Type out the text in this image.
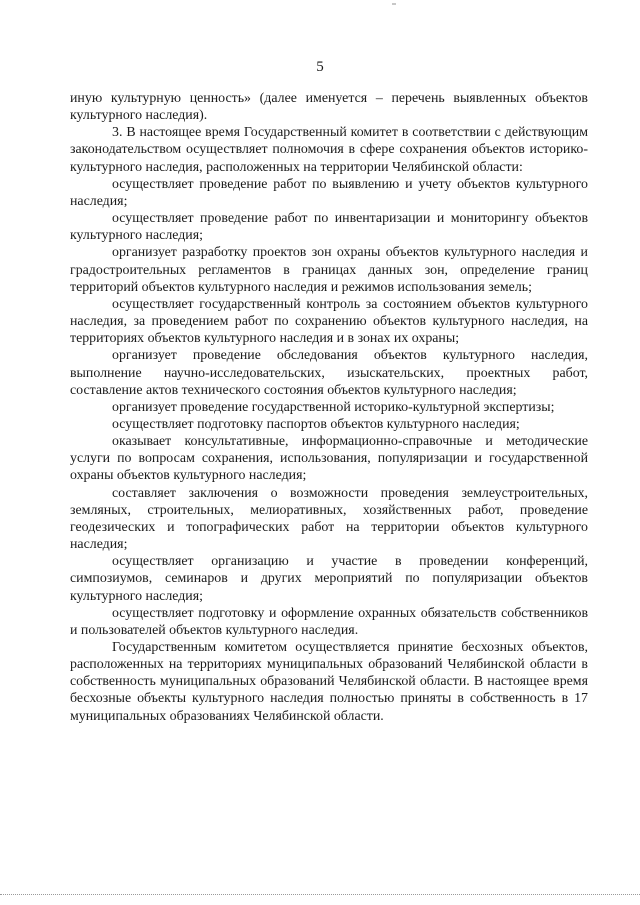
5

иную культурную ценность» (далее именуется – перечень выявленных объектов культурного наследия).

3. В настоящее время Государственный комитет в соответствии с действующим законодательством осуществляет полномочия в сфере сохранения объектов историко-культурного наследия, расположенных на территории Челябинской области:

осуществляет проведение работ по выявлению и учету объектов культурного наследия;

осуществляет проведение работ по инвентаризации и мониторингу объектов культурного наследия;

организует разработку проектов зон охраны объектов культурного наследия и градостроительных регламентов в границах данных зон, определение границ территорий объектов культурного наследия и режимов использования земель;

осуществляет государственный контроль за состоянием объектов культурного наследия, за проведением работ по сохранению объектов культурного наследия, на территориях объектов культурного наследия и в зонах их охраны;

организует проведение обследования объектов культурного наследия, выполнение научно-исследовательских, изыскательских, проектных работ, составление актов технического состояния объектов культурного наследия;

организует проведение государственной историко-культурной экспертизы;

осуществляет подготовку паспортов объектов культурного наследия;

оказывает консультативные, информационно-справочные и методические услуги по вопросам сохранения, использования, популяризации и государственной охраны объектов культурного наследия;

составляет заключения о возможности проведения землеустроительных, земляных, строительных, мелиоративных, хозяйственных работ, проведение геодезических и топографических работ на территории объектов культурного наследия;

осуществляет организацию и участие в проведении конференций, симпозиумов, семинаров и других мероприятий по популяризации объектов культурного наследия;

осуществляет подготовку и оформление охранных обязательств собственников и пользователей объектов культурного наследия.

Государственным комитетом осуществляется принятие бесхозных объектов, расположенных на территориях муниципальных образований Челябинской области в собственность муниципальных образований Челябинской области. В настоящее время бесхозные объекты культурного наследия полностью приняты в собственность в 17 муниципальных образованиях Челябинской области.
